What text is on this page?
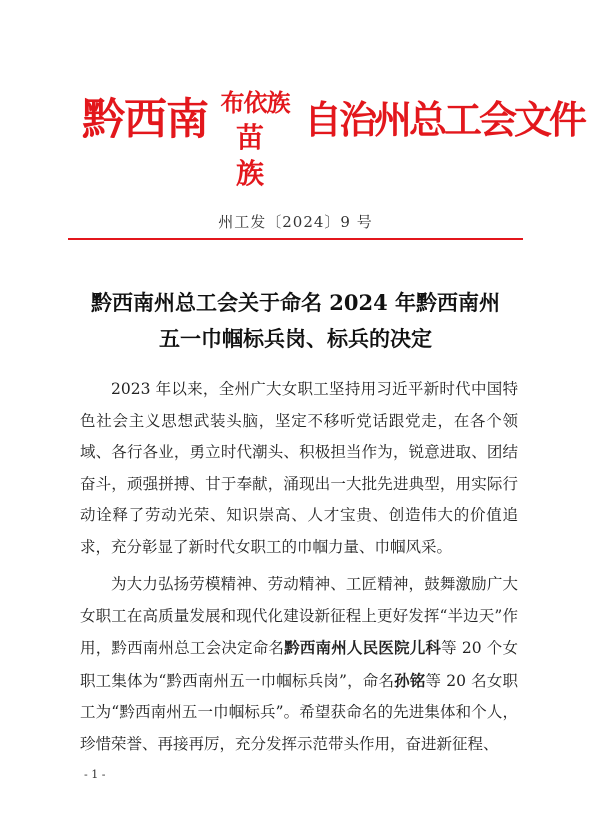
黔西南 布依族
苗 族
自治州总工会文件
州工发〔2024〕9 号
黔西南州总工会关于命名 2024 年黔西南州
五一巾帼标兵岗、标兵的决定

2023 年以来，全州广大女职工坚持用习近平新时代中国特色社会主义思想武装头脑，坚定不移听党话跟党走，在各个领域、各行各业，勇立时代潮头、积极担当作为，锐意进取、团结奋斗，顽强拼搏、甘于奉献，涌现出一大批先进典型，用实际行动诠释了劳动光荣、知识崇高、人才宝贵、创造伟大的价值追求，充分彰显了新时代女职工的巾帼力量、巾帼风采。

为大力弘扬劳模精神、劳动精神、工匠精神，鼓舞激励广大女职工在高质量发展和现代化建设新征程上更好发挥“半边天”作用，黔西南州总工会决定命名黔西南州人民医院儿科等 20 个女职工集体为“黔西南州五一巾帼标兵岗”，命名孙铭等 20 名女职工为“黔西南州五一巾帼标兵”。希望获命名的先进集体和个人，珍惜荣誉、再接再厉，充分发挥示范带头作用，奋进新征程、

- 1 -
